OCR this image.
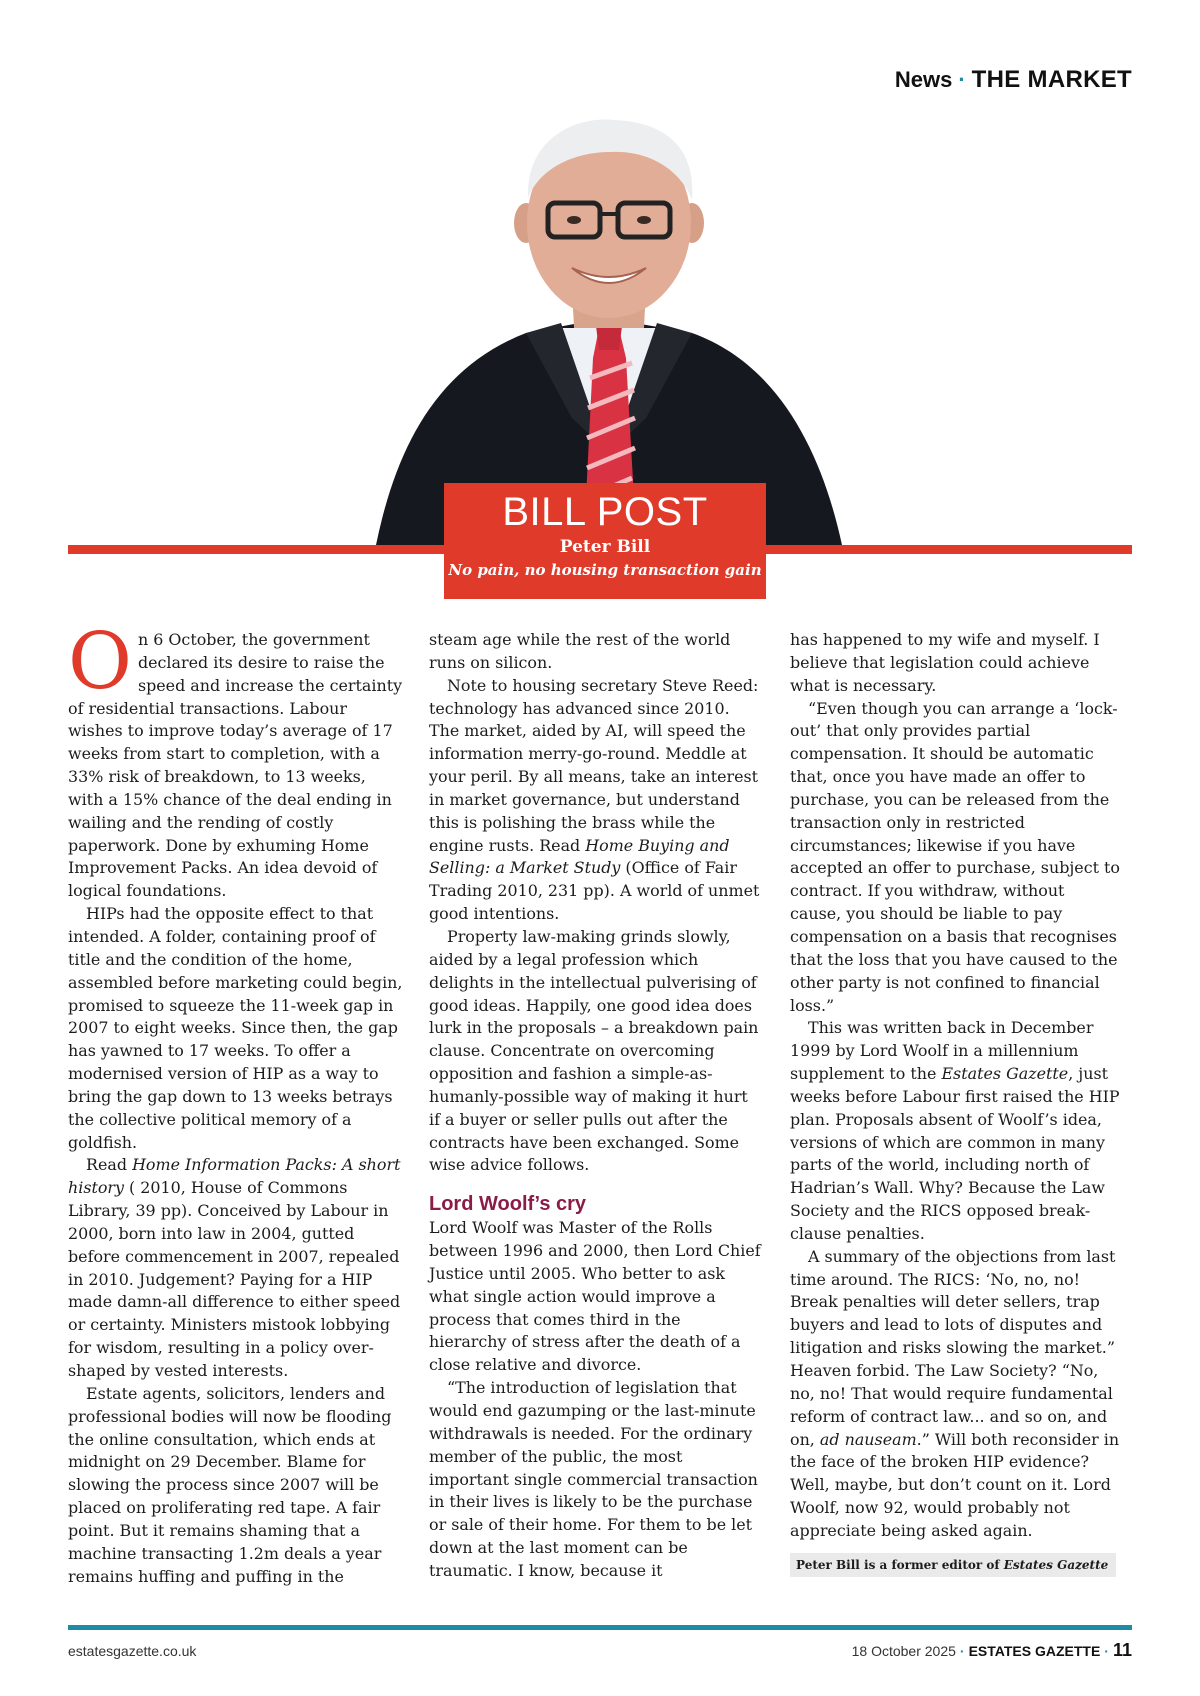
News · THE MARKET
BILL POST
Peter Bill
No pain, no housing transaction gain

On 6 October, the government declared its desire to raise the speed and increase the certainty of residential transactions. Labour wishes to improve today’s average of 17 weeks from start to completion, with a 33% risk of breakdown, to 13 weeks, with a 15% chance of the deal ending in wailing and the rending of costly paperwork. Done by exhuming Home Improvement Packs. An idea devoid of logical foundations.

HIPs had the opposite effect to that intended. A folder, containing proof of title and the condition of the home, assembled before marketing could begin, promised to squeeze the 11-week gap in 2007 to eight weeks. Since then, the gap has yawned to 17 weeks. To offer a modernised version of HIP as a way to bring the gap down to 13 weeks betrays the collective political memory of a goldfish.

Read Home Information Packs: A short history ( 2010, House of Commons Library, 39 pp). Conceived by Labour in 2000, born into law in 2004, gutted before commencement in 2007, repealed in 2010. Judgement? Paying for a HIP made damn-all difference to either speed or certainty. Ministers mistook lobbying for wisdom, resulting in a policy over-shaped by vested interests.

Estate agents, solicitors, lenders and professional bodies will now be flooding the online consultation, which ends at midnight on 29 December. Blame for slowing the process since 2007 will be placed on proliferating red tape. A fair point. But it remains shaming that a machine transacting 1.2m deals a year remains huffing and puffing in the

steam age while the rest of the world runs on silicon.

Note to housing secretary Steve Reed: technology has advanced since 2010. The market, aided by AI, will speed the information merry-go-round. Meddle at your peril. By all means, take an interest in market governance, but understand this is polishing the brass while the engine rusts. Read Home Buying and Selling: a Market Study (Office of Fair Trading 2010, 231 pp). A world of unmet good intentions.

Property law-making grinds slowly, aided by a legal profession which delights in the intellectual pulverising of good ideas. Happily, one good idea does lurk in the proposals – a breakdown pain clause. Concentrate on overcoming opposition and fashion a simple-as-humanly-possible way of making it hurt if a buyer or seller pulls out after the contracts have been exchanged. Some wise advice follows.

Lord Woolf’s cry

Lord Woolf was Master of the Rolls between 1996 and 2000, then Lord Chief Justice until 2005. Who better to ask what single action would improve a process that comes third in the hierarchy of stress after the death of a close relative and divorce.

“The introduction of legislation that would end gazumping or the last-minute withdrawals is needed. For the ordinary member of the public, the most important single commercial transaction in their lives is likely to be the purchase or sale of their home. For them to be let down at the last moment can be traumatic. I know, because it

has happened to my wife and myself. I believe that legislation could achieve what is necessary.

“Even though you can arrange a ‘lock-out’ that only provides partial compensation. It should be automatic that, once you have made an offer to purchase, you can be released from the transaction only in restricted circumstances; likewise if you have accepted an offer to purchase, subject to contract. If you withdraw, without cause, you should be liable to pay compensation on a basis that recognises that the loss that you have caused to the other party is not confined to financial loss.”

This was written back in December 1999 by Lord Woolf in a millennium supplement to the Estates Gazette, just weeks before Labour first raised the HIP plan. Proposals absent of Woolf’s idea, versions of which are common in many parts of the world, including north of Hadrian’s Wall. Why? Because the Law Society and the RICS opposed break-clause penalties.

A summary of the objections from last time around. The RICS: ‘No, no, no! Break penalties will deter sellers, trap buyers and lead to lots of disputes and litigation and risks slowing the market.” Heaven forbid. The Law Society? “No, no, no! That would require fundamental reform of contract law... and so on, and on, ad nauseam.” Will both reconsider in the face of the broken HIP evidence? Well, maybe, but don’t count on it. Lord Woolf, now 92, would probably not appreciate being asked again.

Peter Bill is a former editor of Estates Gazette
estatesgazette.co.uk	18 October 2025 · ESTATES GAZETTE · 11
